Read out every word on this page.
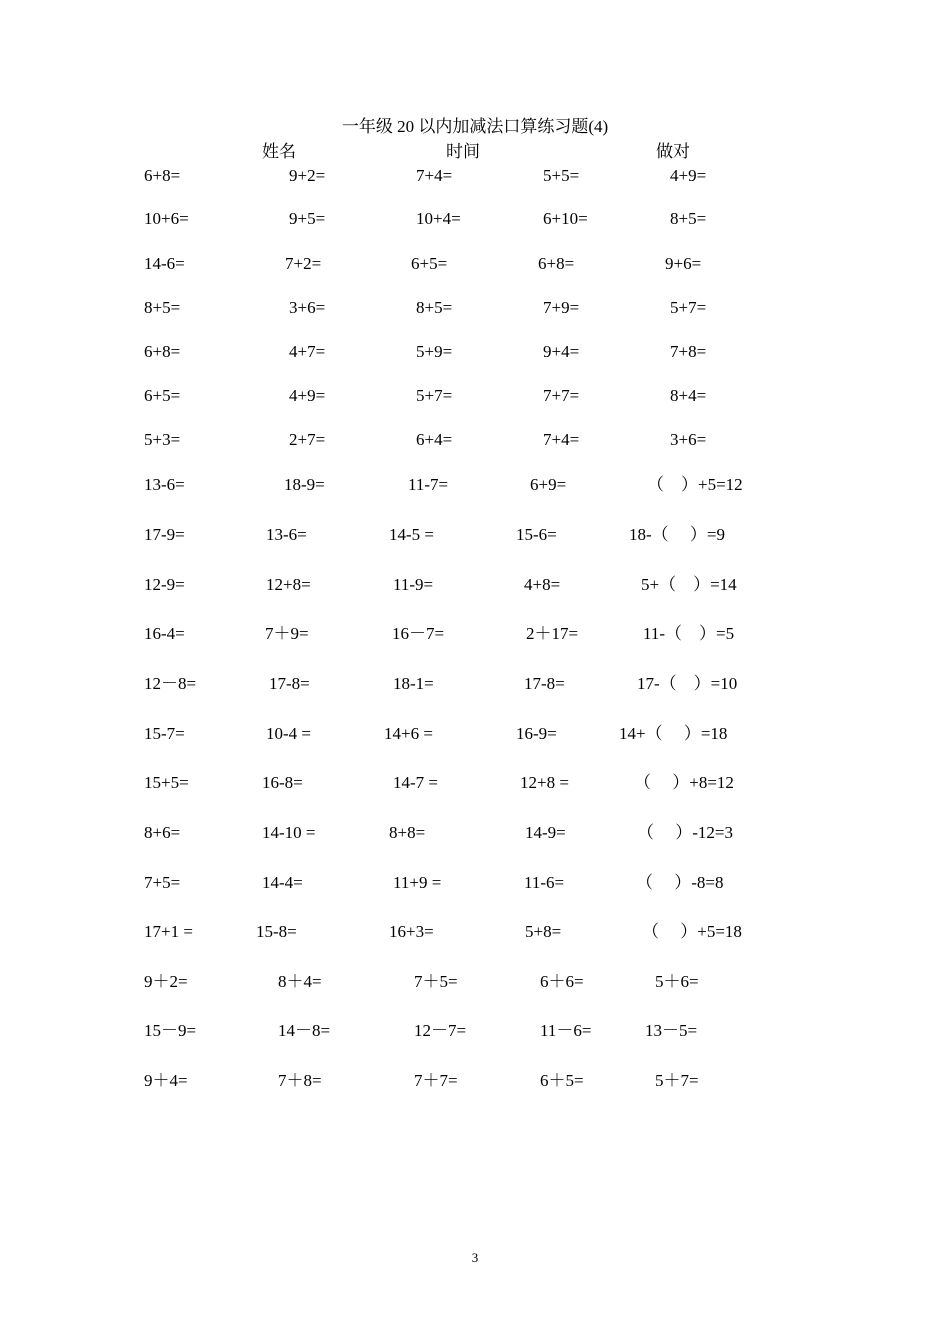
一年级 20 以内加减法口算练习题(4)
姓名	时间	做对
6+8=	9+2=	7+4=	5+5=	4+9=
10+6=	9+5=	10+4=	6+10=	8+5=
14-6=	7+2=	6+5=	6+8=	9+6=
8+5=	3+6=	8+5=	7+9=	5+7=
6+8=	4+7=	5+9=	9+4=	7+8=
6+5=	4+9=	5+7=	7+7=	8+4=
5+3=	2+7=	6+4=	7+4=	3+6=
13-6=	18-9=	11-7=	6+9=	（    ）+5=12
17-9=	13-6=	14-5 =	15-6=	18-（     ）=9
12-9=	12+8=	11-9=	4+8=	5+（    ）=14
16-4=	7＋9=	16－7=	2＋17=	11-（    ）=5
12－8=	17-8=	18-1=	17-8=	17-（    ）=10
15-7=	10-4 =	14+6 =	16-9=	14+（     ）=18
15+5=	16-8=	14-7 =	12+8 =	（     ）+8=12
8+6=	14-10 =	8+8=	14-9=	（     ）-12=3
7+5=	14-4=	11+9 =	11-6=	（     ）-8=8
17+1 =	15-8=	16+3=	5+8=	（     ）+5=18
9＋2=	8＋4=	7＋5=	6＋6=	5＋6=
15－9=	14－8=	12－7=	11－6=	13－5=
9＋4=	7＋8=	7＋7=	6＋5=	5＋7=
3
